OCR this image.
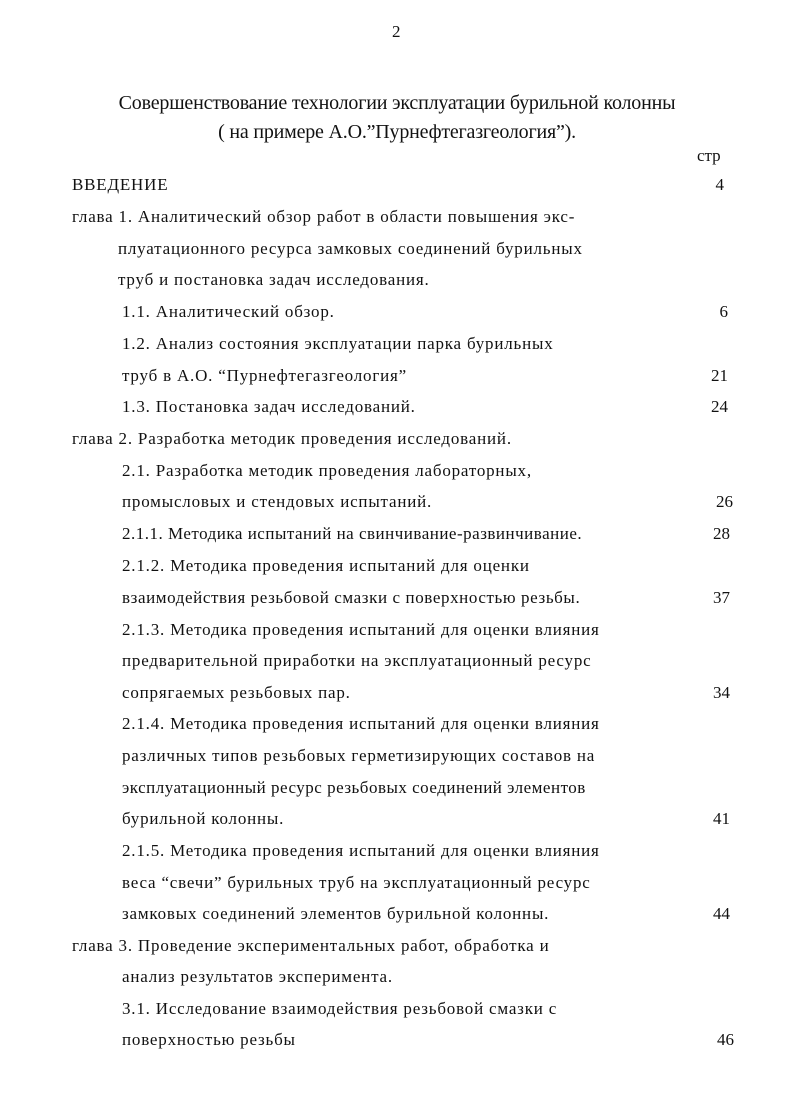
2
Совершенствование технологии эксплуатации бурильной колонны
( на примере А.О.”Пурнефтегазгеология”).
стр
ВВЕДЕНИЕ	4
глава 1. Аналитический обзор работ в области повышения экс-
плуатационного ресурса замковых соединений бурильных
труб и постановка задач исследования.
1.1. Аналитический обзор.	6
1.2. Анализ состояния эксплуатации парка бурильных
труб в А.О. “Пурнефтегазгеология”	21
1.3. Постановка задач исследований.	24
глава 2. Разработка методик проведения исследований.
2.1. Разработка методик проведения лабораторных,
промысловых и стендовых испытаний.	26
2.1.1. Методика испытаний на свинчивание-развинчивание.	28
2.1.2. Методика проведения испытаний для оценки
взаимодействия резьбовой смазки с поверхностью резьбы.	37
2.1.3. Методика проведения испытаний для оценки влияния
предварительной приработки на эксплуатационный ресурс
сопрягаемых резьбовых пар.	34
2.1.4. Методика проведения испытаний для оценки влияния
различных типов резьбовых герметизирующих составов на
эксплуатационный ресурс резьбовых соединений элементов
бурильной колонны.	41
2.1.5. Методика проведения испытаний для оценки влияния
веса “свечи” бурильных труб на эксплуатационный ресурс
замковых соединений элементов бурильной колонны.	44
глава 3. Проведение экспериментальных работ, обработка и
анализ результатов эксперимента.
3.1. Исследование взаимодействия резьбовой смазки с
поверхностью резьбы	46
